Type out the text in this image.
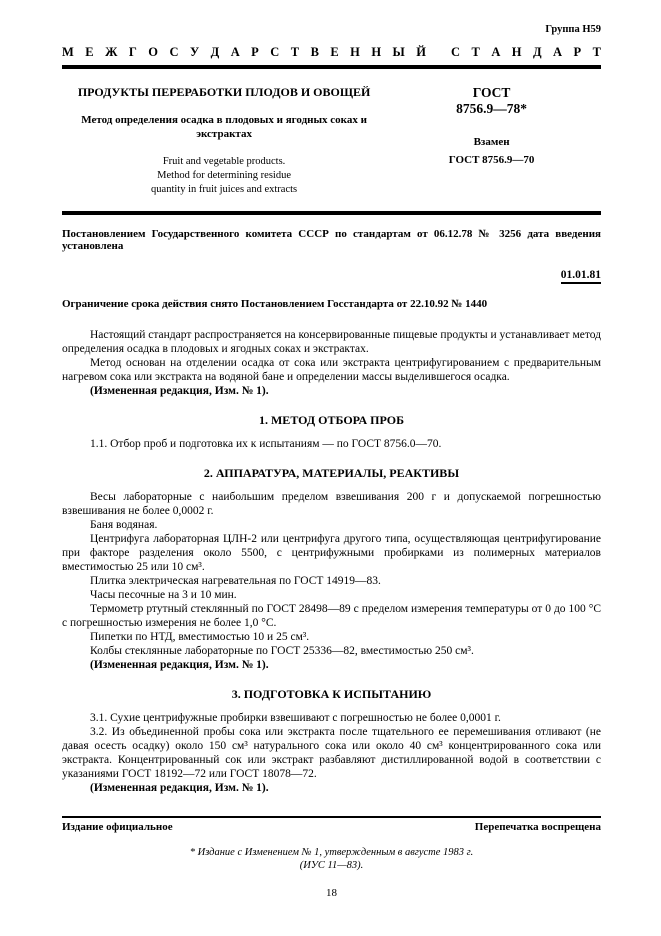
Группа Н59
М Е Ж Г О С У Д А Р С Т В Е Н Н Ы Й  С Т А Н Д А Р Т
ПРОДУКТЫ ПЕРЕРАБОТКИ ПЛОДОВ И ОВОЩЕЙ
Метод определения осадка в плодовых и ягодных соках и экстрактах
Fruit and vegetable products.
Method for determining residue
quantity in fruit juices and extracts
ГОСТ
8756.9—78*
Взамен
ГОСТ 8756.9—70
Постановлением Государственного комитета СССР по стандартам от 06.12.78 № 3256 дата введения установлена
01.01.81
Ограничение срока действия снято Постановлением Госстандарта от 22.10.92 № 1440

Настоящий стандарт распространяется на консервированные пищевые продукты и устанавливает метод определения осадка в плодовых и ягодных соках и экстрактах.

Метод основан на отделении осадка от сока или экстракта центрифугированием с предварительным нагревом сока или экстракта на водяной бане и определении массы выделившегося осадка.

(Измененная редакция, Изм. № 1).

1. МЕТОД ОТБОРА ПРОБ

1.1. Отбор проб и подготовка их к испытаниям — по ГОСТ 8756.0—70.

2. АППАРАТУРА, МАТЕРИАЛЫ, РЕАКТИВЫ

Весы лабораторные с наибольшим пределом взвешивания 200 г и допускаемой погрешностью взвешивания не более 0,0002 г.

Баня водяная.

Центрифуга лабораторная ЦЛН-2 или центрифуга другого типа, осуществляющая центрифугирование при факторе разделения около 5500, с центрифужными пробирками из полимерных материалов вместимостью 25 или 10 см³.

Плитка электрическая нагревательная по ГОСТ 14919—83.

Часы песочные на 3 и 10 мин.

Термометр ртутный стеклянный по ГОСТ 28498—89 с пределом измерения температуры от 0 до 100 °С с погрешностью измерения не более 1,0 °С.

Пипетки по НТД, вместимостью 10 и 25 см³.

Колбы стеклянные лабораторные по ГОСТ 25336—82, вместимостью 250 см³.

(Измененная редакция, Изм. № 1).

3. ПОДГОТОВКА К ИСПЫТАНИЮ

3.1. Сухие центрифужные пробирки взвешивают с погрешностью не более 0,0001 г.

3.2. Из объединенной пробы сока или экстракта после тщательного ее перемешивания отливают (не давая осесть осадку) около 150 см³ натурального сока или около 40 см³ концентрированного сока или экстракта. Концентрированный сок или экстракт разбавляют дистиллированной водой в соответствии с указаниями ГОСТ 18192—72 или ГОСТ 18078—72.

(Измененная редакция, Изм. № 1).

Издание официальное	Перепечатка воспрещена
* Издание с Изменением № 1, утвержденным в августе 1983 г.
(ИУС 11—83).
18
